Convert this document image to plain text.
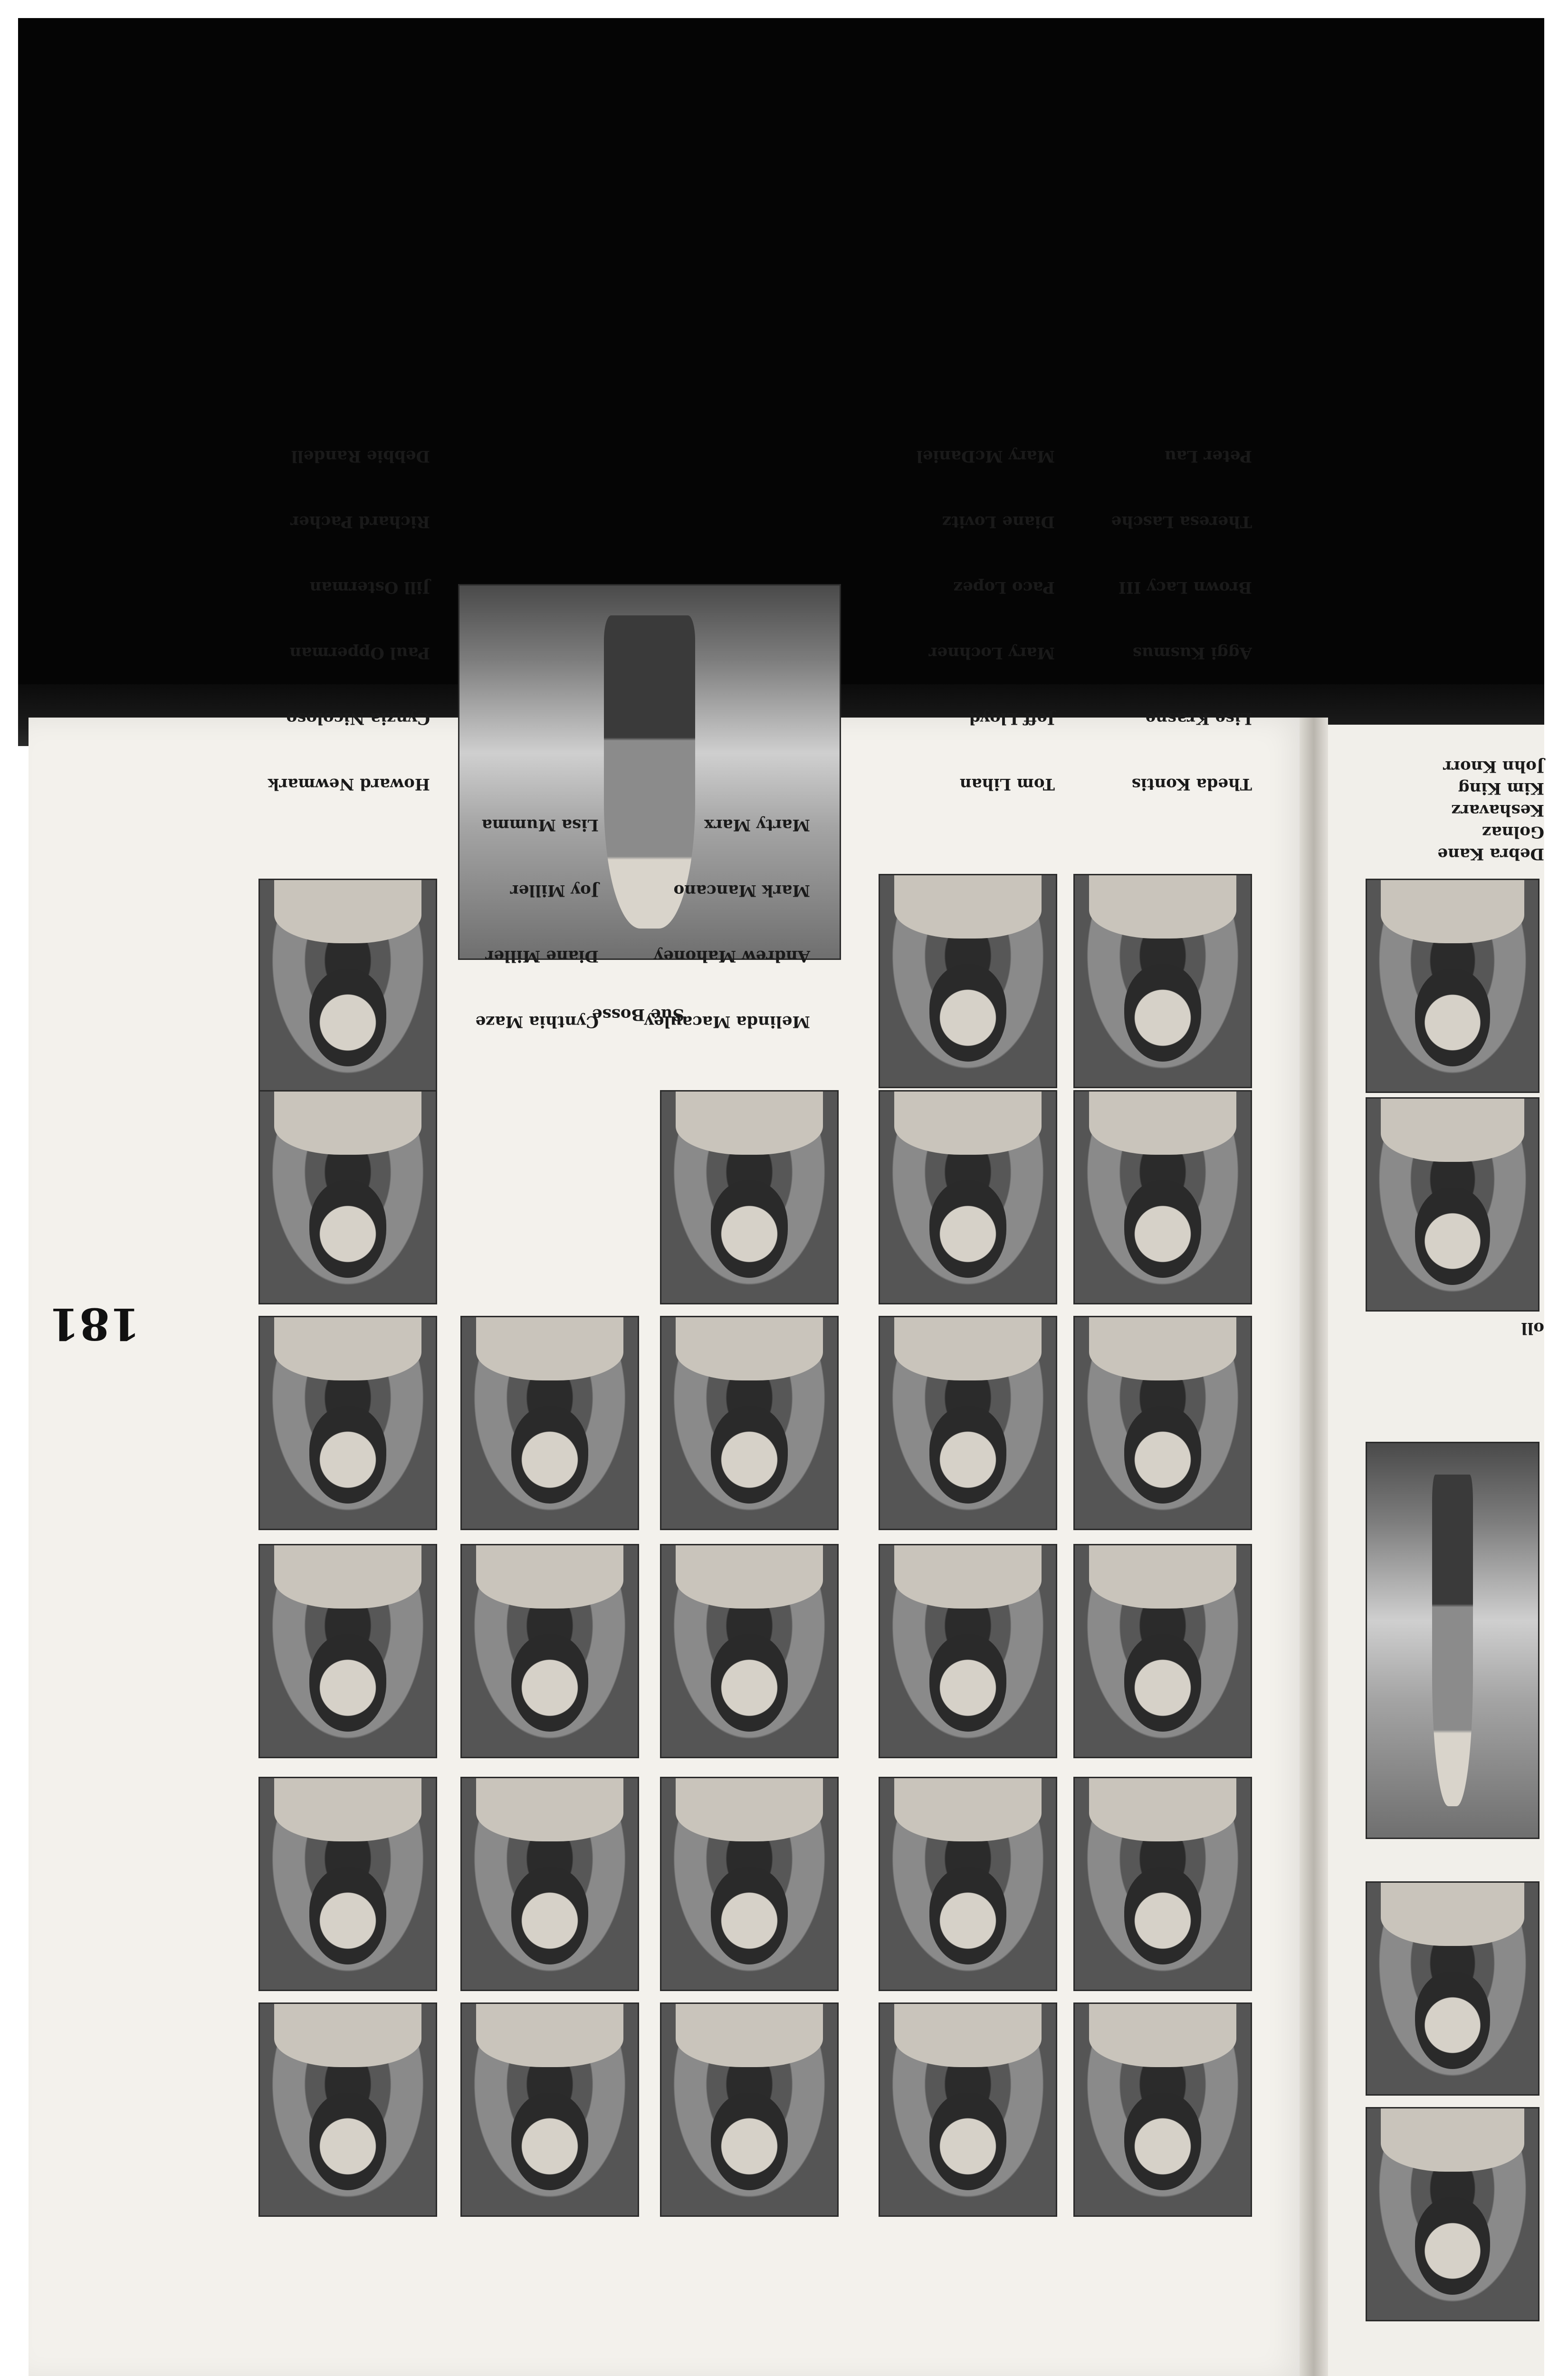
181

Howard Newmark

Cynzia Nicoloso

Paul Opperman

Jill Osterman

Richard Pacher

Debbie Randell

Sue Bosse

Cynthia Maze

Diane Miller

Joy Miller

Lisa Mumma

Melinda Macauley

Andrew Mahoney

Mark Mancano

Marty Marx

Tom Lihan

Jeff Lloyd

Mary Lochner

Paco Lopez

Diane Lovitz

Mary McDaniel

Theda Kontis

Lise Krasne

Aggi Kusmus

Brown Lacy III

Theresa Lasche

Peter Lau

Debra Kane
Golnaz Keshavarz
Kim King
John Knorr
oll
